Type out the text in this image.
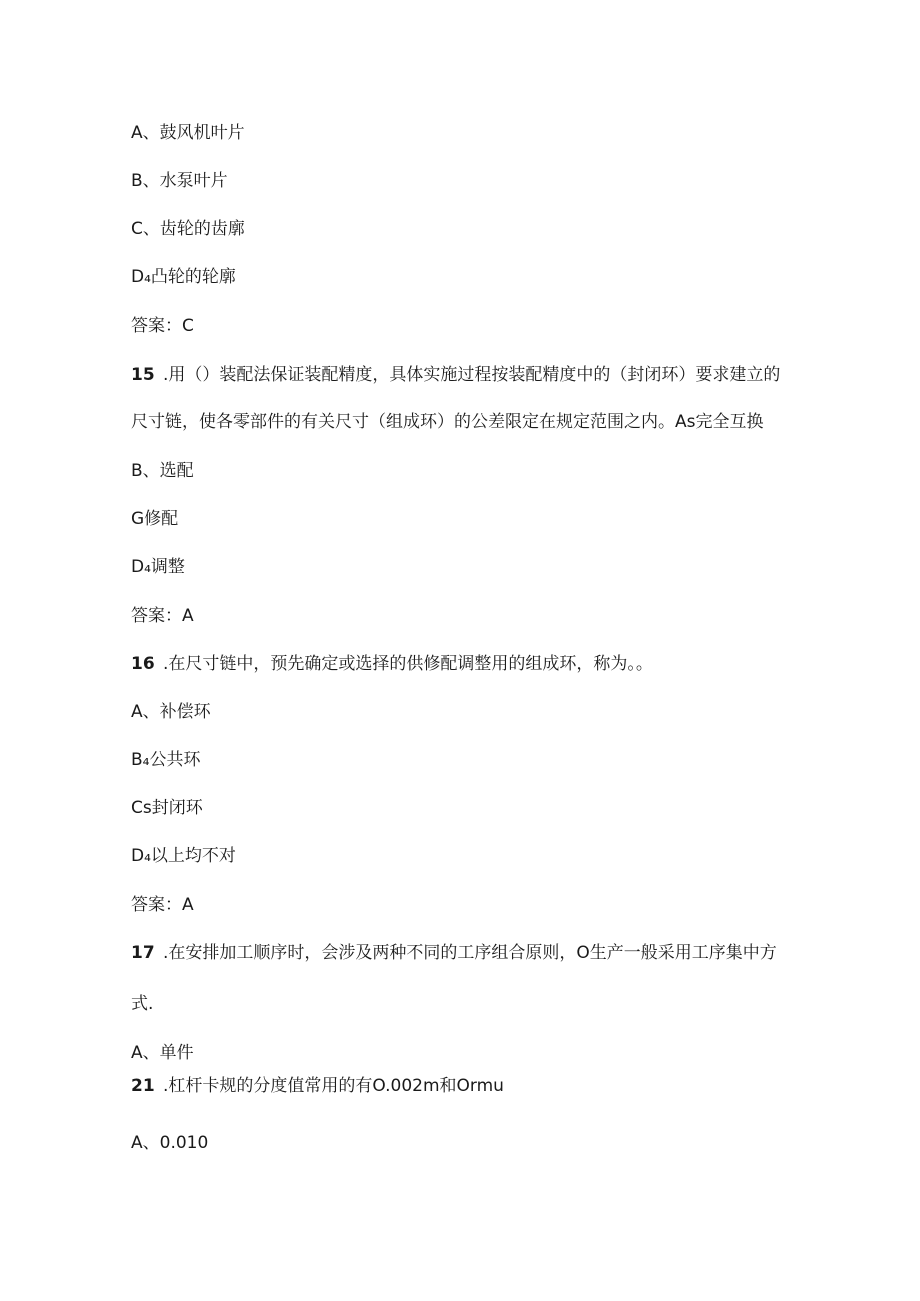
A、鼓风机叶片
B、水泵叶片
C、齿轮的齿廓
D₄凸轮的轮廓
答案：C
15 .用（）装配法保证装配精度，具体实施过程按装配精度中的（封闭环）要求建立的
尺寸链，使各零部件的有关尺寸（组成环）的公差限定在规定范围之内。As完全互换
B、选配
G修配
D₄调整
答案：A
16 .在尺寸链中，预先确定或选择的供修配调整用的组成环，称为。。
A、补偿环
B₄公共环
Cs封闭环
D₄以上均不对
答案：A
17 .在安排加工顺序时，会涉及两种不同的工序组合原则，O生产一般采用工序集中方
式.
A、单件
21 .杠杆卡规的分度值常用的有O.002m和Ormu
A、0.010
